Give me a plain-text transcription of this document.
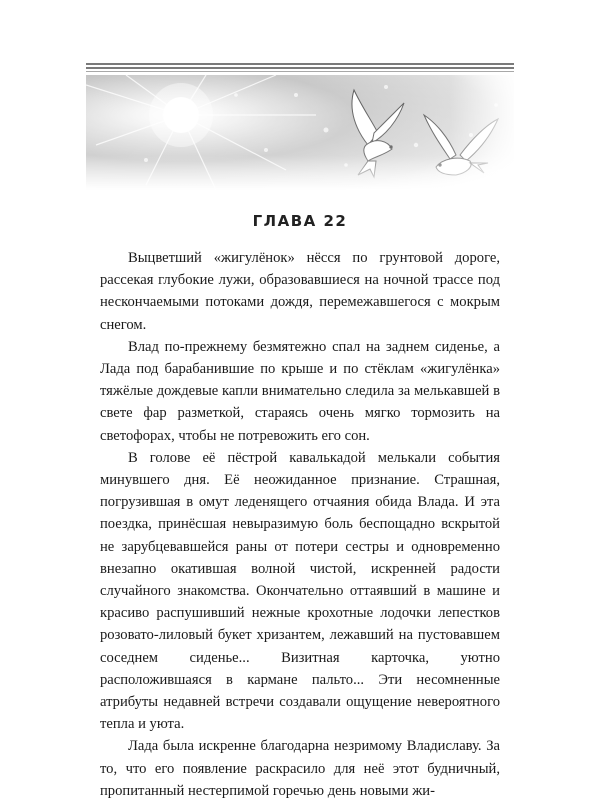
ГЛАВА 22

Выцветший «жигулёнок» нёсся по грунтовой дороге, рассекая глубокие лужи, образовавшиеся на ночной трассе под нескончаемыми потоками дождя, перемежавшегося с мокрым снегом.

Влад по-прежнему безмятежно спал на заднем сиденье, а Лада под барабанившие по крыше и по стёклам «жигулёнка» тяжёлые дождевые капли внимательно следила за мелькавшей в свете фар разметкой, стараясь очень мягко тормозить на светофорах, чтобы не потревожить его сон.

В голове её пёстрой кавалькадой мелькали события минувшего дня. Её неожиданное признание. Страшная, погрузившая в омут леденящего отчаяния обида Влада. И эта поездка, принёсшая невыразимую боль беспощадно вскрытой не зарубцевавшейся раны от потери сестры и одновременно внезапно окатившая волной чистой, искренней радости случайного знакомства. Окончательно оттаявший в машине и красиво распушивший нежные крохотные лодочки лепестков розовато-лиловый букет хризантем, лежавший на пустовавшем соседнем сиденье... Визитная карточка, уютно расположившаяся в кармане пальто... Эти несомненные атрибуты недавней встречи создавали ощущение невероятного тепла и уюта.

Лада была искренне благодарна незримому Владиславу. За то, что его появление раскрасило для неё этот будничный, пропитанный нестерпимой горечью день новыми жи-
